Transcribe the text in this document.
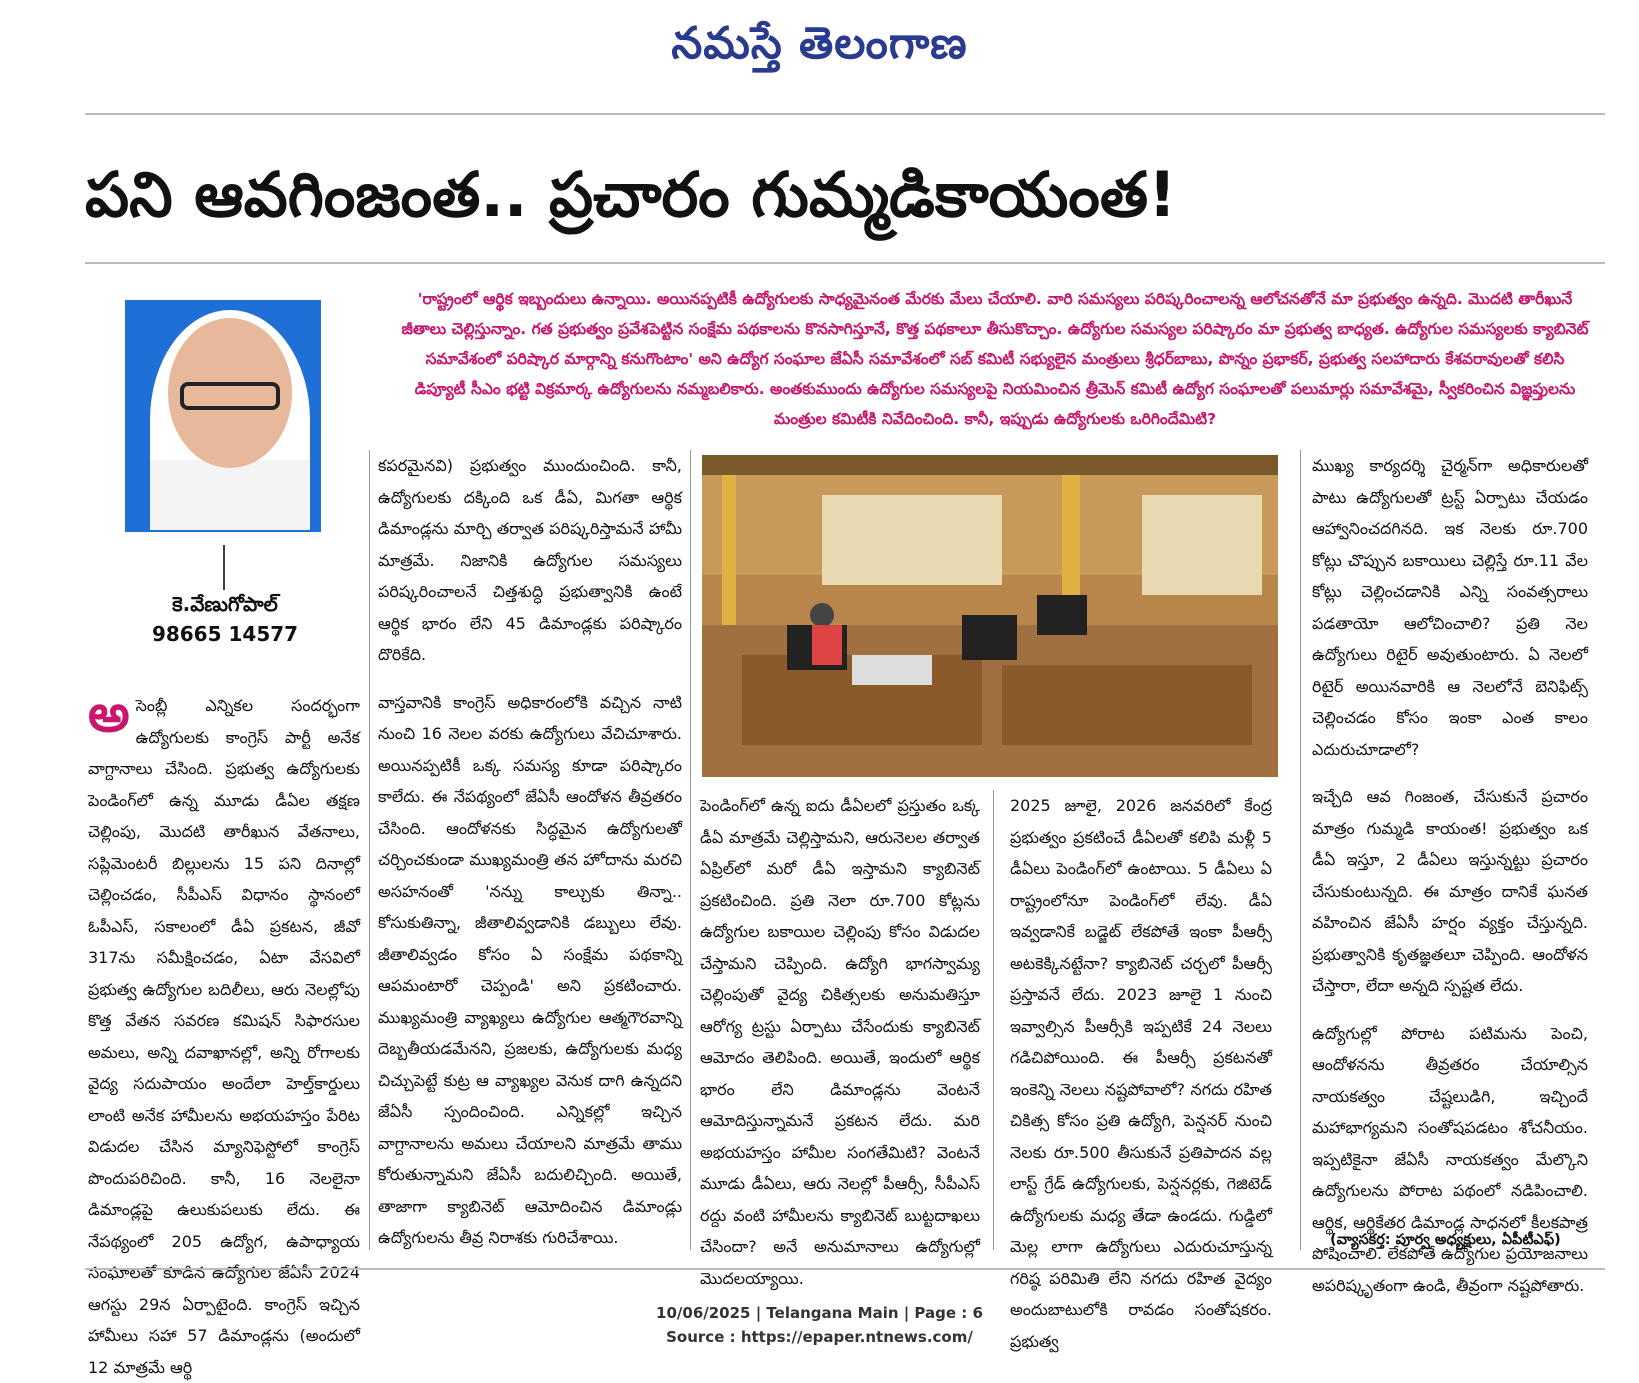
నమస్తే తెలంగాణ
పని ఆవగింజంత.. ప్రచారం గుమ్మడికాయంత!
కె.వేణుగోపాల్
98665 14577
'రాష్ట్రంలో ఆర్థిక ఇబ్బందులు ఉన్నాయి. అయినప్పటికీ ఉద్యోగులకు సాధ్యమైనంత మేరకు మేలు చేయాలి. వారి సమస్యలు పరిష్కరించాలన్న ఆలోచనతోనే మా ప్రభుత్వం ఉన్నది. మొదటి తారీఖునే జీతాలు చెల్లిస్తున్నాం. గత ప్రభుత్వం ప్రవేశపెట్టిన సంక్షేమ పథకాలను కొనసాగిస్తూనే, కొత్త పథకాలూ తీసుకొచ్చాం. ఉద్యోగుల సమస్యల పరిష్కారం మా ప్రభుత్వ బాధ్యత. ఉద్యోగుల సమస్యలకు క్యాబినెట్ సమావేశంలో పరిష్కార మార్గాన్ని కనుగొంటాం' అని ఉద్యోగ సంఘాల జేఏసీ సమావేశంలో సబ్ కమిటీ సభ్యులైన మంత్రులు శ్రీధర్‌బాబు, పొన్నం ప్రభాకర్, ప్రభుత్వ సలహాదారు కేశవరావులతో కలిసి డిప్యూటీ సీఎం భట్టి విక్రమార్క ఉద్యోగులను నమ్మబలికారు. అంతకుముందు ఉద్యోగుల సమస్యలపై నియమించిన త్రీమెన్ కమిటీ ఉద్యోగ సంఘాలతో పలుమార్లు సమావేశమై, స్వీకరించిన విజ్ఞప్తులను మంత్రుల కమిటీకి నివేదించింది. కానీ, ఇప్పుడు ఉద్యోగులకు ఒరిగిందేమిటి?
అ సెంబ్లీ ఎన్నికల సందర్భంగా ఉద్యోగులకు కాంగ్రెస్ పార్టీ అనేక వాగ్దానాలు చేసింది. ప్రభుత్వ ఉద్యోగులకు పెండింగ్‌లో ఉన్న మూడు డీఏల తక్షణ చెల్లింపు, మొదటి తారీఖున వేతనాలు, సప్లిమెంటరీ బిల్లులను 15 పని దినాల్లో చెల్లించడం, సీపీఎస్ విధానం స్థానంలో ఓపీఎస్, సకాలంలో డీఏ ప్రకటన, జీవో 317ను సమీక్షించడం, ఏటా వేసవిలో ప్రభుత్వ ఉద్యోగుల బదిలీలు, ఆరు నెలల్లోపు కొత్త వేతన సవరణ కమిషన్ సిఫారసుల అమలు, అన్ని దవాఖానల్లో, అన్ని రోగాలకు వైద్య సదుపాయం అందేలా హెల్త్‌కార్డులు లాంటి అనేక హామీలను అభయహస్తం పేరిట విడుదల చేసిన మ్యానిఫెస్టోలో కాంగ్రెస్ పొందుపరిచింది. కానీ, 16 నెలలైనా డిమాండ్లపై ఉలుకుపలుకు లేదు. ఈ నేపథ్యంలో 205 ఉద్యోగ, ఉపాధ్యాయ సంఘాలతో కూడిన ఉద్యోగుల జేఏసీ 2024 ఆగస్టు 29న ఏర్పాటైంది. కాంగ్రెస్ ఇచ్చిన హామీలు సహా 57 డిమాండ్లను (అందులో 12 మాత్రమే ఆర్థి

కపరమైనవి) ప్రభుత్వం ముందుంచింది. కానీ, ఉద్యోగులకు దక్కింది ఒక డీఏ, మిగతా ఆర్థిక డిమాండ్లను మార్చి తర్వాత పరిష్కరిస్తామనే హామీ మాత్రమే. నిజానికి ఉద్యోగుల సమస్యలు పరిష్కరించాలనే చిత్తశుద్ధి ప్రభుత్వానికి ఉంటే ఆర్థిక భారం లేని 45 డిమాండ్లకు పరిష్కారం దొరికేది.

వాస్తవానికి కాంగ్రెస్ అధికారంలోకి వచ్చిన నాటి నుంచి 16 నెలల వరకు ఉద్యోగులు వేచిచూశారు. అయినప్పటికీ ఒక్క సమస్య కూడా పరిష్కారం కాలేదు. ఈ నేపథ్యంలో జేఏసీ ఆందోళన తీవ్రతరం చేసింది. ఆందోళనకు సిద్ధమైన ఉద్యోగులతో చర్చించకుండా ముఖ్యమంత్రి తన హోదాను మరచి అసహనంతో 'నన్ను కాల్చుకు తిన్నా.. కోసుకుతిన్నా, జీతాలివ్వడానికి డబ్బులు లేవు. జీతాలివ్వడం కోసం ఏ సంక్షేమ పథకాన్ని ఆపమంటారో చెప్పండి' అని ప్రకటించారు. ముఖ్యమంత్రి వ్యాఖ్యలు ఉద్యోగుల ఆత్మగౌరవాన్ని దెబ్బతీయడమేనని, ప్రజలకు, ఉద్యోగులకు మధ్య చిచ్చుపెట్టే కుట్ర ఆ వ్యాఖ్యల వెనుక దాగి ఉన్నదని జేఏసీ స్పందించింది. ఎన్నికల్లో ఇచ్చిన వాగ్దానాలను అమలు చేయాలని మాత్రమే తాము కోరుతున్నామని జేఏసీ బదులిచ్చింది. అయితే, తాజాగా క్యాబినెట్ ఆమోదించిన డిమాండ్లు ఉద్యోగులను తీవ్ర నిరాశకు గురిచేశాయి.

పెండింగ్‌లో ఉన్న ఐదు డీఏలలో ప్రస్తుతం ఒక్క డీఏ మాత్రమే చెల్లిస్తామని, ఆరునెలల తర్వాత ఏప్రిల్‌లో మరో డీఏ ఇస్తామని క్యాబినెట్ ప్రకటించింది. ప్రతి నెలా రూ.700 కోట్లను ఉద్యోగుల బకాయిల చెల్లింపు కోసం విడుదల చేస్తామని చెప్పింది. ఉద్యోగి భాగస్వామ్య చెల్లింపుతో వైద్య చికిత్సలకు అనుమతిస్తూ ఆరోగ్య ట్రస్టు ఏర్పాటు చేసేందుకు క్యాబినెట్ ఆమోదం తెలిపింది. అయితే, ఇందులో ఆర్థిక భారం లేని డిమాండ్లను వెంటనే ఆమోదిస్తున్నామనే ప్రకటన లేదు. మరి అభయహస్తం హామీల సంగతేమిటి? వెంటనే మూడు డీఏలు, ఆరు నెలల్లో పీఆర్సీ, సీపీఎస్ రద్దు వంటి హామీలను క్యాబినెట్ బుట్టదాఖలు చేసిందా? అనే అనుమానాలు ఉద్యోగుల్లో మొదలయ్యాయి.

2025 జూలై, 2026 జనవరిలో కేంద్ర ప్రభుత్వం ప్రకటించే డీఏలతో కలిపి మళ్లీ 5 డీఏలు పెండింగ్‌లో ఉంటాయి. 5 డీఏలు ఏ రాష్ట్రంలోనూ పెండింగ్‌లో లేవు. డీఏ ఇవ్వడానికే బడ్జెట్ లేకపోతే ఇంకా పీఆర్సీ అటకెక్కినట్టేనా? క్యాబినెట్ చర్చలో పీఆర్సీ ప్రస్తావనే లేదు. 2023 జూలై 1 నుంచి ఇవ్వాల్సిన పీఆర్సీకి ఇప్పటికే 24 నెలలు గడిచిపోయింది. ఈ పీఆర్సీ ప్రకటనతో ఇంకెన్ని నెలలు నష్టపోవాలో? నగదు రహిత చికిత్స కోసం ప్రతి ఉద్యోగి, పెన్షనర్ నుంచి నెలకు రూ.500 తీసుకునే ప్రతిపాదన వల్ల లాస్ట్ గ్రేడ్ ఉద్యోగులకు, పెన్షనర్లకు, గెజిటెడ్ ఉద్యోగులకు మధ్య తేడా ఉండదు. గుడ్డిలో మెల్ల లాగా ఉద్యోగులు ఎదురుచూస్తున్న గరిష్ఠ పరిమితి లేని నగదు రహిత వైద్యం అందుబాటులోకి రావడం సంతోషకరం. ప్రభుత్వ

ముఖ్య కార్యదర్శి చైర్మన్‌గా అధికారులతో పాటు ఉద్యోగులతో ట్రస్ట్ ఏర్పాటు చేయడం ఆహ్వానించదగినది. ఇక నెలకు రూ.700 కోట్లు చొప్పున బకాయిలు చెల్లిస్తే రూ.11 వేల కోట్లు చెల్లించడానికి ఎన్ని సంవత్సరాలు పడతాయో ఆలోచించాలి? ప్రతి నెల ఉద్యోగులు రిటైర్ అవుతుంటారు. ఏ నెలలో రిటైర్ అయినవారికి ఆ నెలలోనే బెనిఫిట్స్ చెల్లించడం కోసం ఇంకా ఎంత కాలం ఎదురుచూడాలో?

ఇచ్చేది ఆవ గింజంత, చేసుకునే ప్రచారం మాత్రం గుమ్మడి కాయంత! ప్రభుత్వం ఒక డీఏ ఇస్తూ, 2 డీఏలు ఇస్తున్నట్టు ప్రచారం చేసుకుంటున్నది. ఈ మాత్రం దానికే ఘనత వహించిన జేఏసీ హర్షం వ్యక్తం చేస్తున్నది. ప్రభుత్వానికి కృతజ్ఞతలూ చెప్పింది. ఆందోళన చేస్తారా, లేదా అన్నది స్పష్టత లేదు.

ఉద్యోగుల్లో పోరాట పటిమను పెంచి, ఆందోళనను తీవ్రతరం చేయాల్సిన నాయకత్వం చేష్టలుడిగి, ఇచ్చిందే మహాభాగ్యమని సంతోషపడటం శోచనీయం. ఇప్పటికైనా జేఏసీ నాయకత్వం మేల్కొని ఉద్యోగులను పోరాట పథంలో నడిపించాలి. ఆర్థిక, ఆర్థికేతర డిమాండ్ల సాధనలో కీలకపాత్ర పోషించాలి. లేకపోతే ఉద్యోగుల ప్రయోజనాలు అపరిష్కృతంగా ఉండి, తీవ్రంగా నష్టపోతారు.

(వ్యాసకర్త: పూర్వ అధ్యక్షులు, ఏపీటీఎఫ్)
10/06/2025 | Telangana Main | Page : 6
Source : https://epaper.ntnews.com/
